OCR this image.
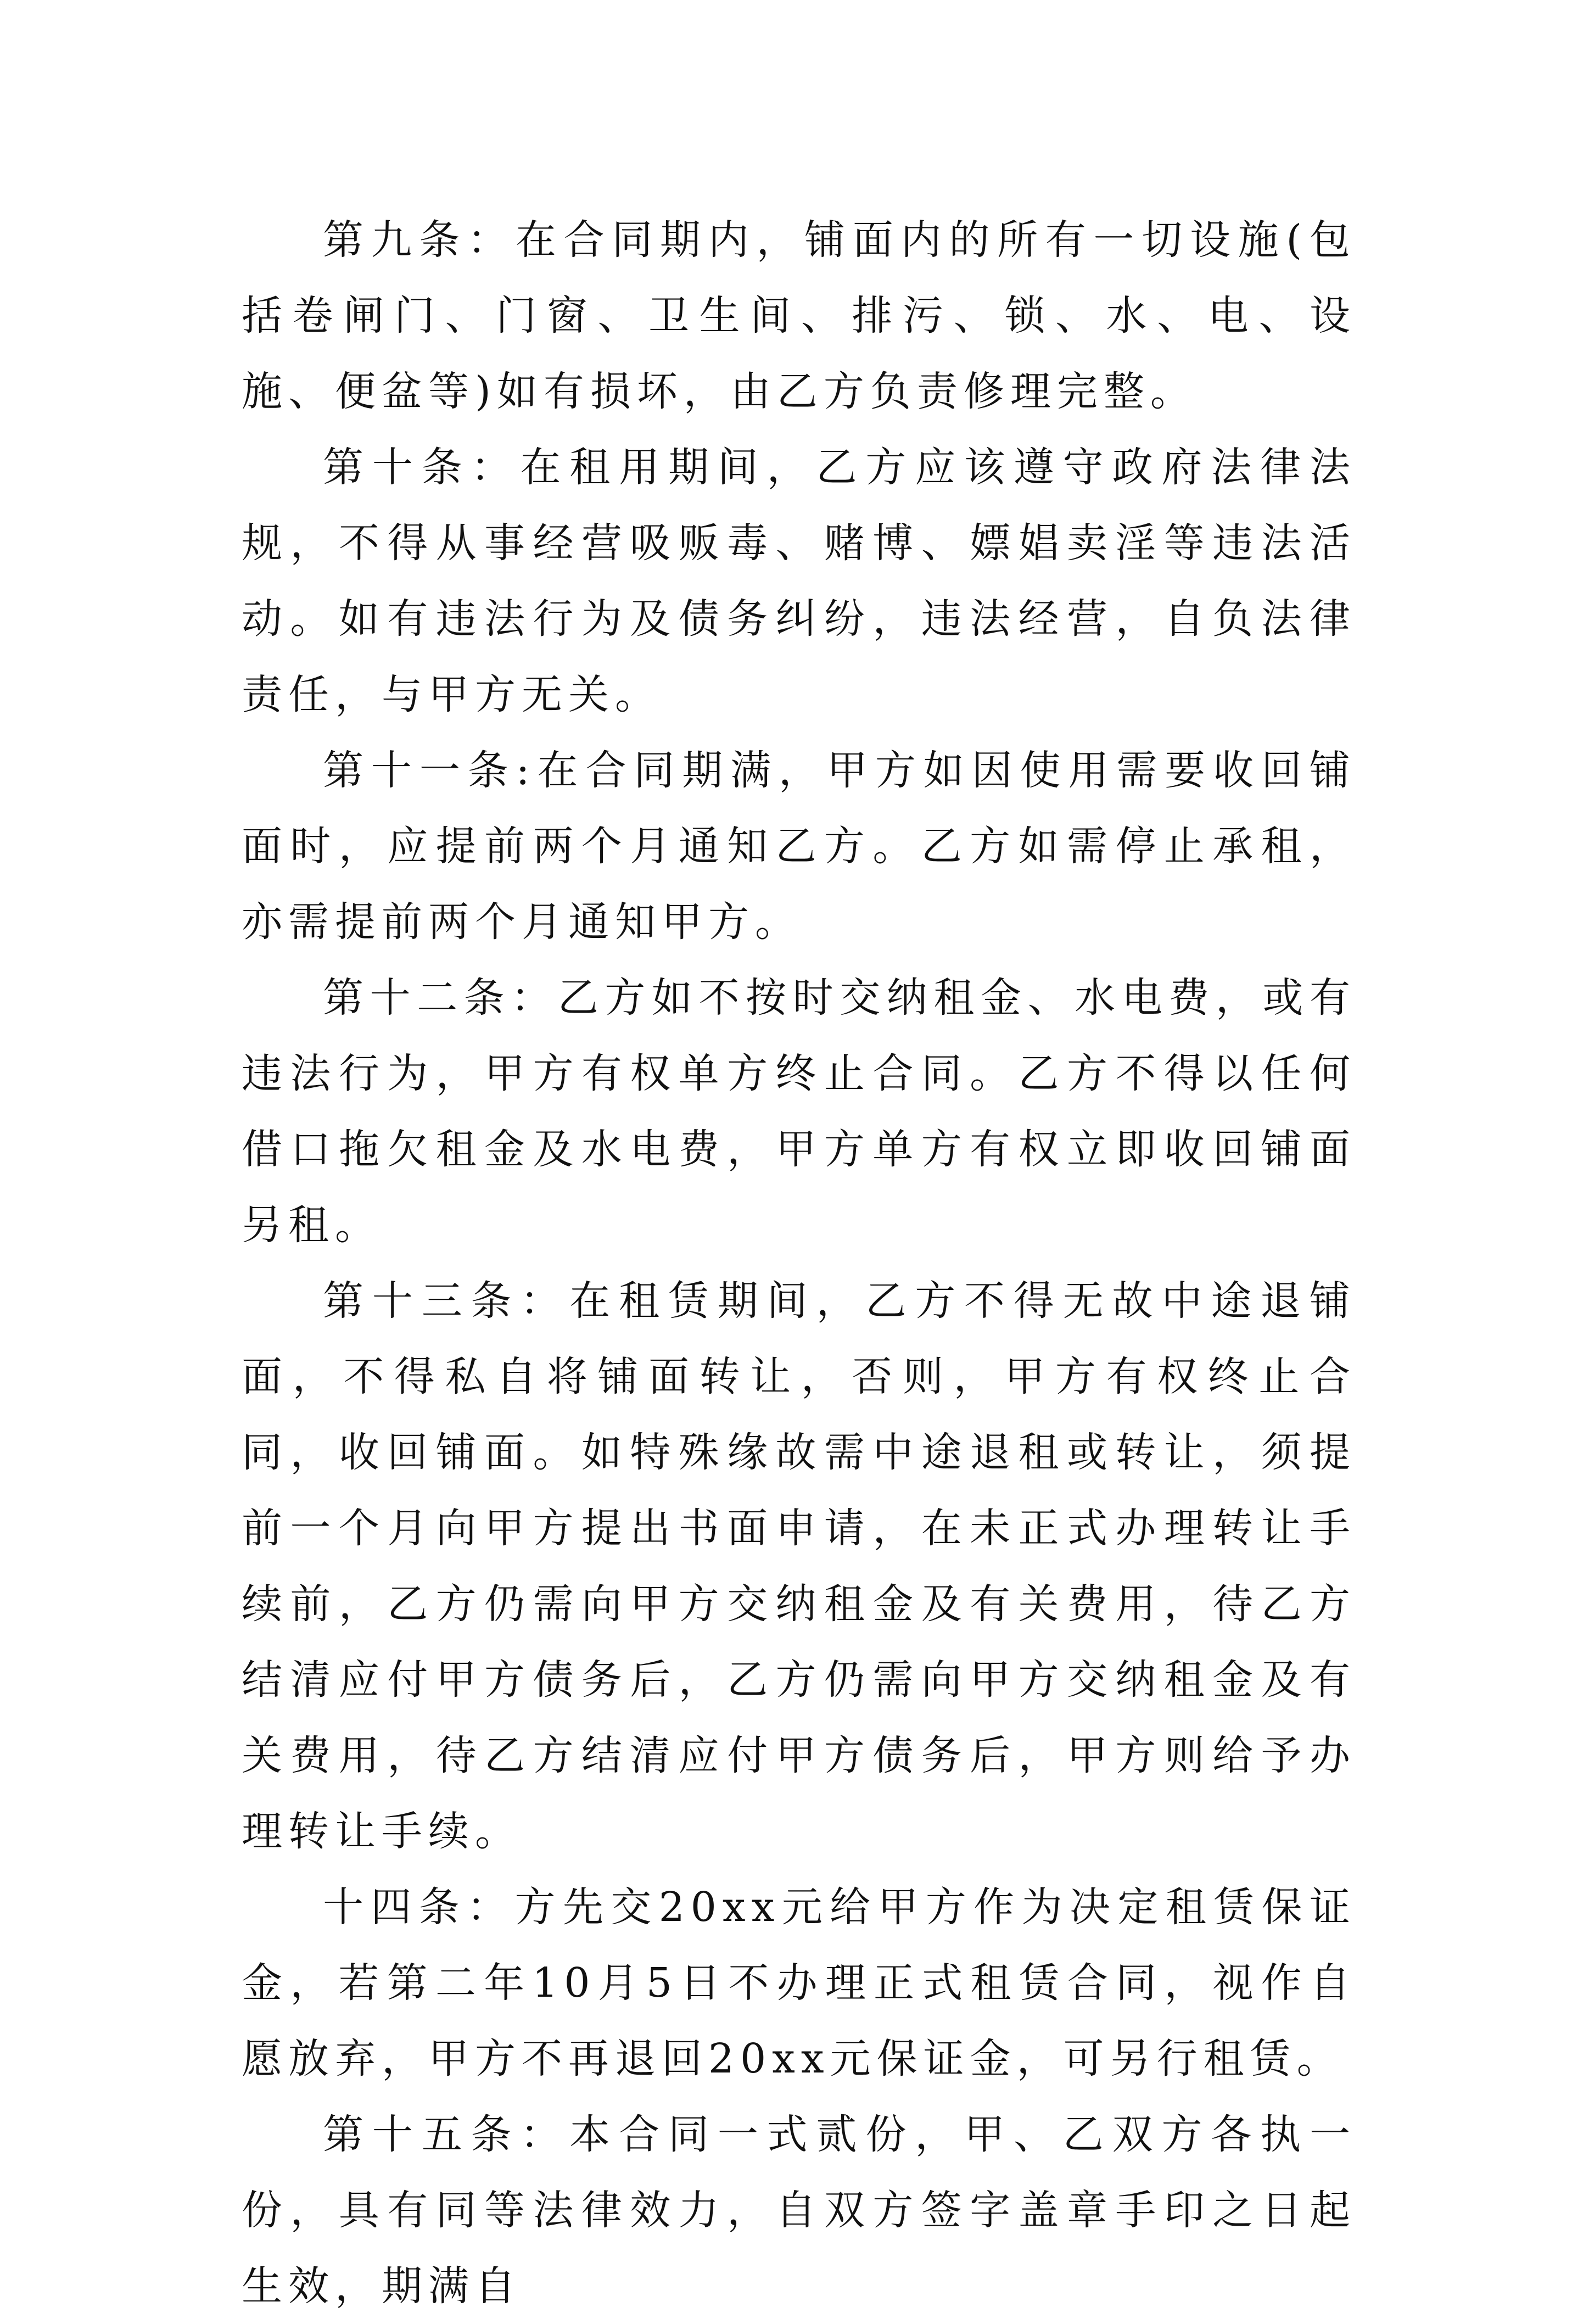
第九条：在合同期内，铺面内的所有一切设施(包括卷闸门、门窗、卫生间、排污、锁、水、电、设施、便盆等)如有损坏，由乙方负责修理完整。

第十条：在租用期间，乙方应该遵守政府法律法规，不得从事经营吸贩毒、赌博、嫖娼卖淫等违法活动。如有违法行为及债务纠纷，违法经营，自负法律责任，与甲方无关。

第十一条:在合同期满，甲方如因使用需要收回铺面时，应提前两个月通知乙方。乙方如需停止承租，亦需提前两个月通知甲方。

第十二条：乙方如不按时交纳租金、水电费，或有违法行为，甲方有权单方终止合同。乙方不得以任何借口拖欠租金及水电费，甲方单方有权立即收回铺面另租。

第十三条：在租赁期间，乙方不得无故中途退铺面，不得私自将铺面转让，否则，甲方有权终止合同，收回铺面。如特殊缘故需中途退租或转让，须提前一个月向甲方提出书面申请，在未正式办理转让手续前，乙方仍需向甲方交纳租金及有关费用，待乙方结清应付甲方债务后，乙方仍需向甲方交纳租金及有关费用，待乙方结清应付甲方债务后，甲方则给予办理转让手续。

十四条：方先交20xx元给甲方作为决定租赁保证金，若第二年10月5日不办理正式租赁合同，视作自愿放弃，甲方不再退回20xx元保证金，可另行租赁。

第十五条：本合同一式贰份，甲、乙双方各执一份，具有同等法律效力，自双方签字盖章手印之日起生效，期满自
